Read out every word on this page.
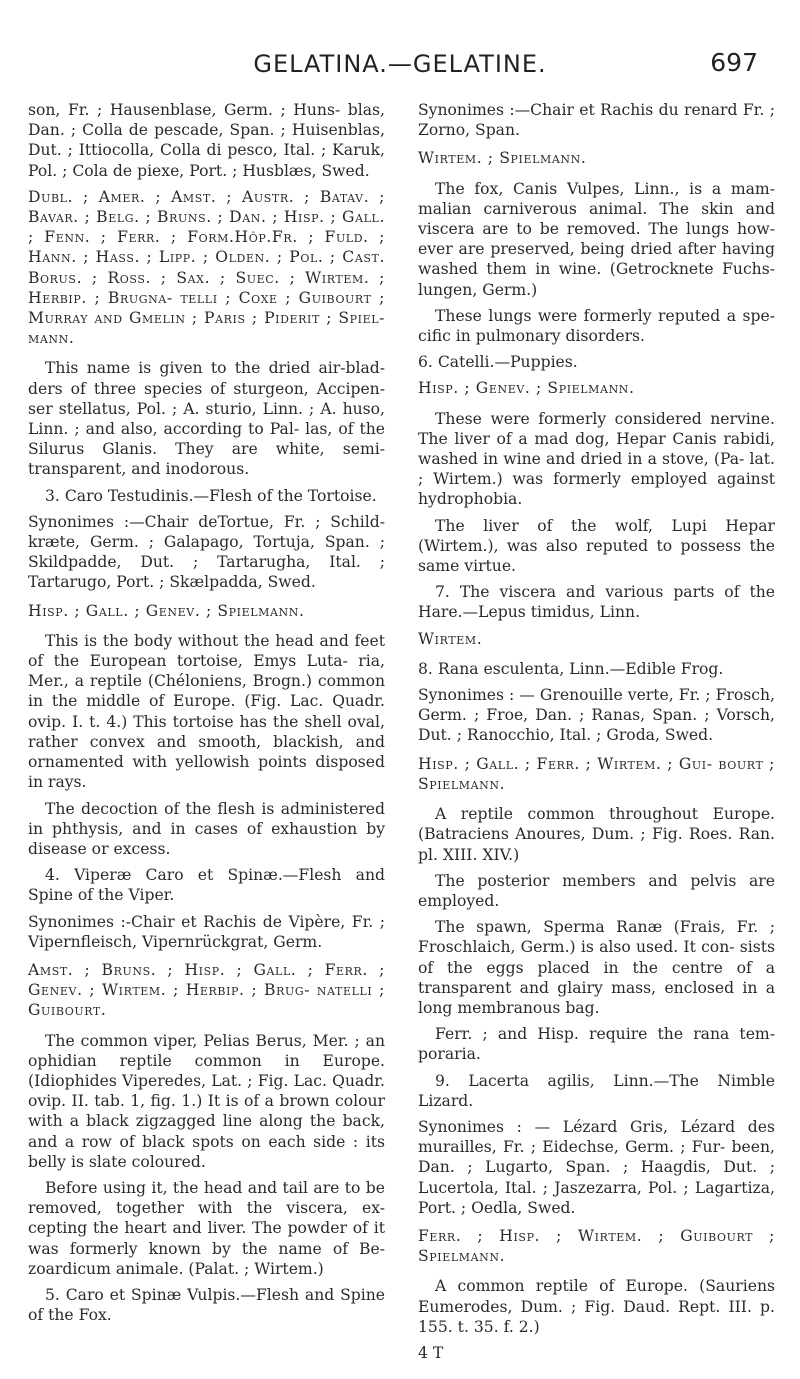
GELATINA.—GELATINE.	697

son, Fr. ; Hausenblase, Germ. ; Huns- blas, Dan. ; Colla de pescade, Span. ; Huisenblas, Dut. ; Ittiocolla, Colla di pesco, Ital. ; Karuk, Pol. ; Cola de piexe, Port. ; Husblæs, Swed.

Dubl. ; Amer. ; Amst. ; Austr. ; Batav. ; Bavar. ; Belg. ; Bruns. ; Dan. ; Hisp. ; Gall. ; Fenn. ; Ferr. ; Form.Hôp.Fr. ; Fuld. ; Hann. ; Hass. ; Lipp. ; Olden. ; Pol. ; Cast. Borus. ; Ross. ; Sax. ; Suec. ; Wirtem. ; Herbip. ; Brugna- telli ; Coxe ; Guibourt ; Murray and Gmelin ; Paris ; Piderit ; Spiel- mann.

This name is given to the dried air-blad- ders of three species of sturgeon, Accipen- ser stellatus, Pol. ; A. sturio, Linn. ; A. huso, Linn. ; and also, according to Pal- las, of the Silurus Glanis. They are white, semi-transparent, and inodorous.

3. Caro Testudinis.—Flesh of the Tortoise.

Synonimes :—Chair deTortue, Fr. ; Schild- kræte, Germ. ; Galapago, Tortuja, Span. ; Skildpadde, Dut. ; Tartarugha, Ital. ; Tartarugo, Port. ; Skælpadda, Swed.

Hisp. ; Gall. ; Genev. ; Spielmann.

This is the body without the head and feet of the European tortoise, Emys Luta- ria, Mer., a reptile (Chéloniens, Brogn.) common in the middle of Europe. (Fig. Lac. Quadr. ovip. I. t. 4.) This tortoise has the shell oval, rather convex and smooth, blackish, and ornamented with yellowish points disposed in rays.

The decoction of the flesh is administered in phthysis, and in cases of exhaustion by disease or excess.

4. Viperæ Caro et Spinæ.—Flesh and Spine of the Viper.

Synonimes :-Chair et Rachis de Vipère, Fr. ; Vipernfleisch, Vipernrückgrat, Germ.

Amst. ; Bruns. ; Hisp. ; Gall. ; Ferr. ; Genev. ; Wirtem. ; Herbip. ; Brug- natelli ; Guibourt.

The common viper, Pelias Berus, Mer. ; an ophidian reptile common in Europe. (Idiophides Viperedes, Lat. ; Fig. Lac. Quadr. ovip. II. tab. 1, fig. 1.) It is of a brown colour with a black zigzagged line along the back, and a row of black spots on each side : its belly is slate coloured.

Before using it, the head and tail are to be removed, together with the viscera, ex- cepting the heart and liver. The powder of it was formerly known by the name of Be- zoardicum animale. (Palat. ; Wirtem.)

5. Caro et Spinæ Vulpis.—Flesh and Spine of the Fox.

Synonimes :—Chair et Rachis du renard Fr. ; Zorno, Span.

Wirtem. ; Spielmann.

The fox, Canis Vulpes, Linn., is a mam- malian carniverous animal. The skin and viscera are to be removed. The lungs how- ever are preserved, being dried after having washed them in wine. (Getrocknete Fuchs- lungen, Germ.)

These lungs were formerly reputed a spe- cific in pulmonary disorders.

6. Catelli.—Puppies.

Hisp. ; Genev. ; Spielmann.

These were formerly considered nervine. The liver of a mad dog, Hepar Canis rabidi, washed in wine and dried in a stove, (Pa- lat. ; Wirtem.) was formerly employed against hydrophobia.

The liver of the wolf, Lupi Hepar (Wirtem.), was also reputed to possess the same virtue.

7. The viscera and various parts of the Hare.—Lepus timidus, Linn.

Wirtem.

8. Rana esculenta, Linn.—Edible Frog.

Synonimes : — Grenouille verte, Fr. ; Frosch, Germ. ; Froe, Dan. ; Ranas, Span. ; Vorsch, Dut. ; Ranocchio, Ital. ; Groda, Swed.

Hisp. ; Gall. ; Ferr. ; Wirtem. ; Gui- bourt ; Spielmann.

A reptile common throughout Europe. (Batraciens Anoures, Dum. ; Fig. Roes. Ran. pl. XIII. XIV.)

The posterior members and pelvis are employed.

The spawn, Sperma Ranæ (Frais, Fr. ; Froschlaich, Germ.) is also used. It con- sists of the eggs placed in the centre of a transparent and glairy mass, enclosed in a long membranous bag.

Ferr. ; and Hisp. require the rana tem- poraria.

9. Lacerta agilis, Linn.—The Nimble Lizard.

Synonimes : — Lézard Gris, Lézard des murailles, Fr. ; Eidechse, Germ. ; Fur- been, Dan. ; Lugarto, Span. ; Haagdis, Dut. ; Lucertola, Ital. ; Jaszezarra, Pol. ; Lagartiza, Port. ; Oedla, Swed.

Ferr. ; Hisp. ; Wirtem. ; Guibourt ; Spielmann.

A common reptile of Europe. (Sauriens Eumerodes, Dum. ; Fig. Daud. Rept. III. p. 155. t. 35. f. 2.)

4 T
